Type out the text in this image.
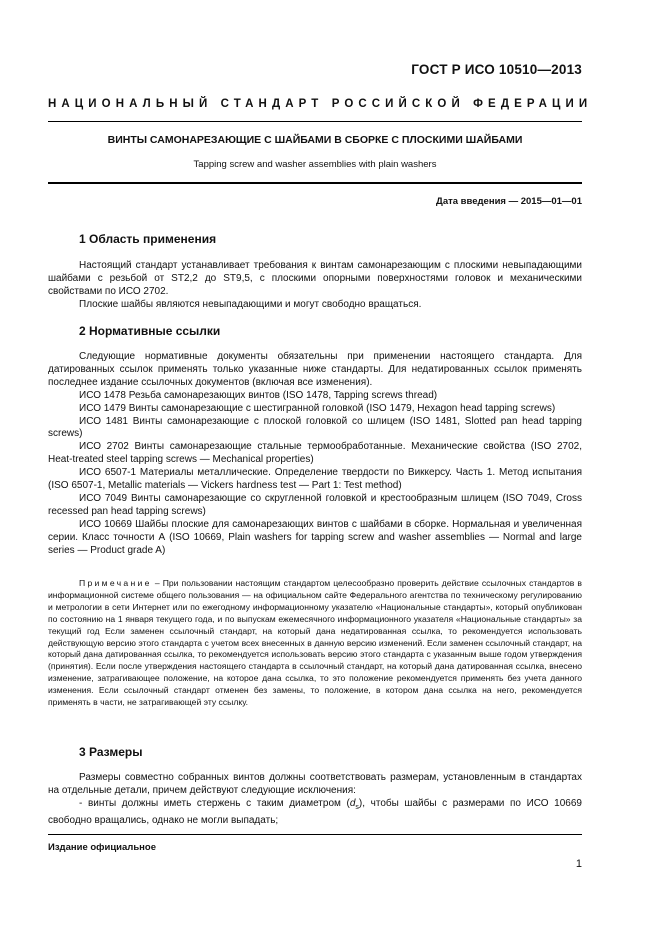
ГОСТ Р ИСО 10510—2013
НАЦИОНАЛЬНЫЙ СТАНДАРТ РОССИЙСКОЙ ФЕДЕРАЦИИ
ВИНТЫ САМОНАРЕЗАЮЩИЕ С ШАЙБАМИ В СБОРКЕ С ПЛОСКИМИ ШАЙБАМИ
Tapping screw and washer assemblies with plain washers
Дата введения — 2015—01—01
1 Область применения

Настоящий стандарт устанавливает требования к винтам самонарезающим с плоскими невыпадающими шайбами с резьбой от ST2,2 до ST9,5, с плоскими опорными поверхностями головок и механическими свойствами по ИСО 2702.

Плоские шайбы являются невыпадающими и могут свободно вращаться.

2 Нормативные ссылки

Следующие нормативные документы обязательны при применении настоящего стандарта. Для датированных ссылок применять только указанные ниже стандарты. Для недатированных ссылок применять последнее издание ссылочных документов (включая все изменения).

ИСО 1478 Резьба самонарезающих винтов (ISO 1478, Tapping screws thread)

ИСО 1479 Винты самонарезающие с шестигранной головкой (ISO 1479, Hexagon head tapping screws)

ИСО 1481 Винты самонарезающие с плоской головкой со шлицем (ISO 1481, Slotted pan head tapping screws)

ИСО 2702 Винты самонарезающие стальные термообработанные. Механические свойства (ISO 2702, Heat-treated steel tapping screws — Mechanical properties)

ИСО 6507-1 Материалы металлические. Определение твердости по Виккерсу. Часть 1. Метод испытания (ISO 6507-1, Metallic materials — Vickers hardness test — Part 1: Test method)

ИСО 7049 Винты самонарезающие со скругленной головкой и крестообразным шлицем (ISO 7049, Cross recessed pan head tapping screws)

ИСО 10669 Шайбы плоские для самонарезающих винтов с шайбами в сборке. Нормальная и увеличенная серии. Класс точности А (ISO 10669, Plain washers for tapping screw and washer assemblies — Normal and large series — Product grade A)

Примечание – При пользовании настоящим стандартом целесообразно проверить действие ссылочных стандартов в информационной системе общего пользования — на официальном сайте Федерального агентства по техническому регулированию и метрологии в сети Интернет или по ежегодному информационному указателю «Национальные стандарты», который опубликован по состоянию на 1 января текущего года, и по выпускам ежемесячного информационного указателя «Национальные стандарты» за текущий год Если заменен ссылочный стандарт, на который дана недатированная ссылка, то рекомендуется использовать действующую версию этого стандарта с учетом всех внесенных в данную версию изменений. Если заменен ссылочный стандарт, на который дана датированная ссылка, то рекомендуется использовать версию этого стандарта с указанным выше годом утверждения (принятия). Если после утверждения настоящего стандарта в ссылочный стандарт, на который дана датированная ссылка, внесено изменение, затрагивающее положение, на которое дана ссылка, то это положение рекомендуется применять без учета данного изменения. Если ссылочный стандарт отменен без замены, то положение, в котором дана ссылка на него, рекомендуется применять в части, не затрагивающей эту ссылку.

3 Размеры

Размеры совместно собранных винтов должны соответствовать размерам, установленным в стандартах на отдельные детали, причем действуют следующие исключения:

- винты должны иметь стержень с таким диаметром $(d_s)$, чтобы шайбы с размерами по ИСО 10669 свободно вращались, однако не могли выпадать;

Издание официальное
1
